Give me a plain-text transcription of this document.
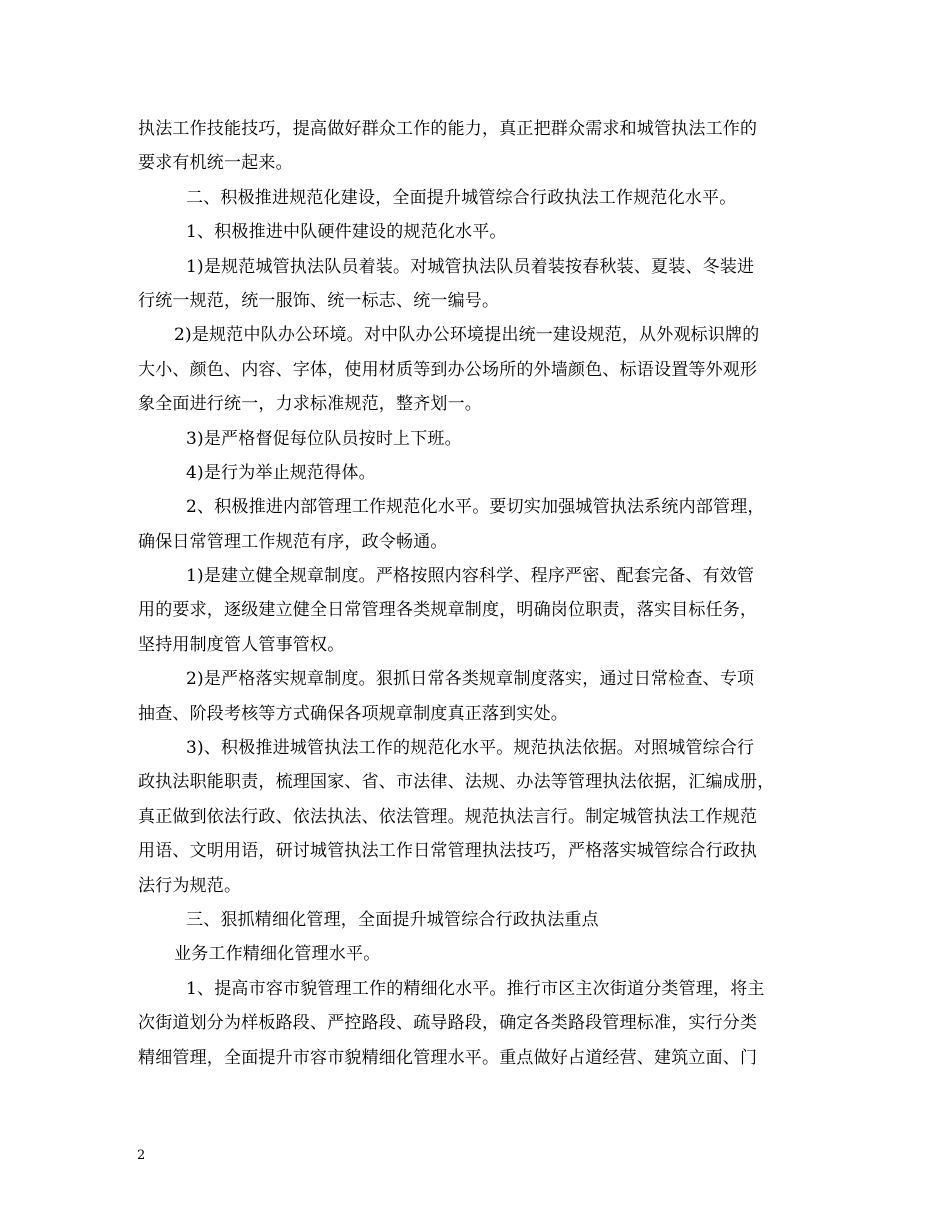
执法工作技能技巧，提高做好群众工作的能力，真正把群众需求和城管执法工作的
要求有机统一起来。
二、积极推进规范化建设，全面提升城管综合行政执法工作规范化水平。
1、积极推进中队硬件建设的规范化水平。
1)是规范城管执法队员着装。对城管执法队员着装按春秋装、夏装、冬装进
行统一规范，统一服饰、统一标志、统一编号。
2)是规范中队办公环境。对中队办公环境提出统一建设规范，从外观标识牌的
大小、颜色、内容、字体，使用材质等到办公场所的外墙颜色、标语设置等外观形
象全面进行统一，力求标准规范，整齐划一。
3)是严格督促每位队员按时上下班。
4)是行为举止规范得体。
2、积极推进内部管理工作规范化水平。要切实加强城管执法系统内部管理，
确保日常管理工作规范有序，政令畅通。
1)是建立健全规章制度。严格按照内容科学、程序严密、配套完备、有效管
用的要求，逐级建立健全日常管理各类规章制度，明确岗位职责，落实目标任务，
坚持用制度管人管事管权。
2)是严格落实规章制度。狠抓日常各类规章制度落实，通过日常检查、专项
抽查、阶段考核等方式确保各项规章制度真正落到实处。
3)、积极推进城管执法工作的规范化水平。规范执法依据。对照城管综合行
政执法职能职责，梳理国家、省、市法律、法规、办法等管理执法依据，汇编成册，
真正做到依法行政、依法执法、依法管理。规范执法言行。制定城管执法工作规范
用语、文明用语，研讨城管执法工作日常管理执法技巧，严格落实城管综合行政执
法行为规范。
三、狠抓精细化管理，全面提升城管综合行政执法重点
业务工作精细化管理水平。
1、提高市容市貌管理工作的精细化水平。推行市区主次街道分类管理，将主
次街道划分为样板路段、严控路段、疏导路段，确定各类路段管理标准，实行分类
精细管理，全面提升市容市貌精细化管理水平。重点做好占道经营、建筑立面、门
2
